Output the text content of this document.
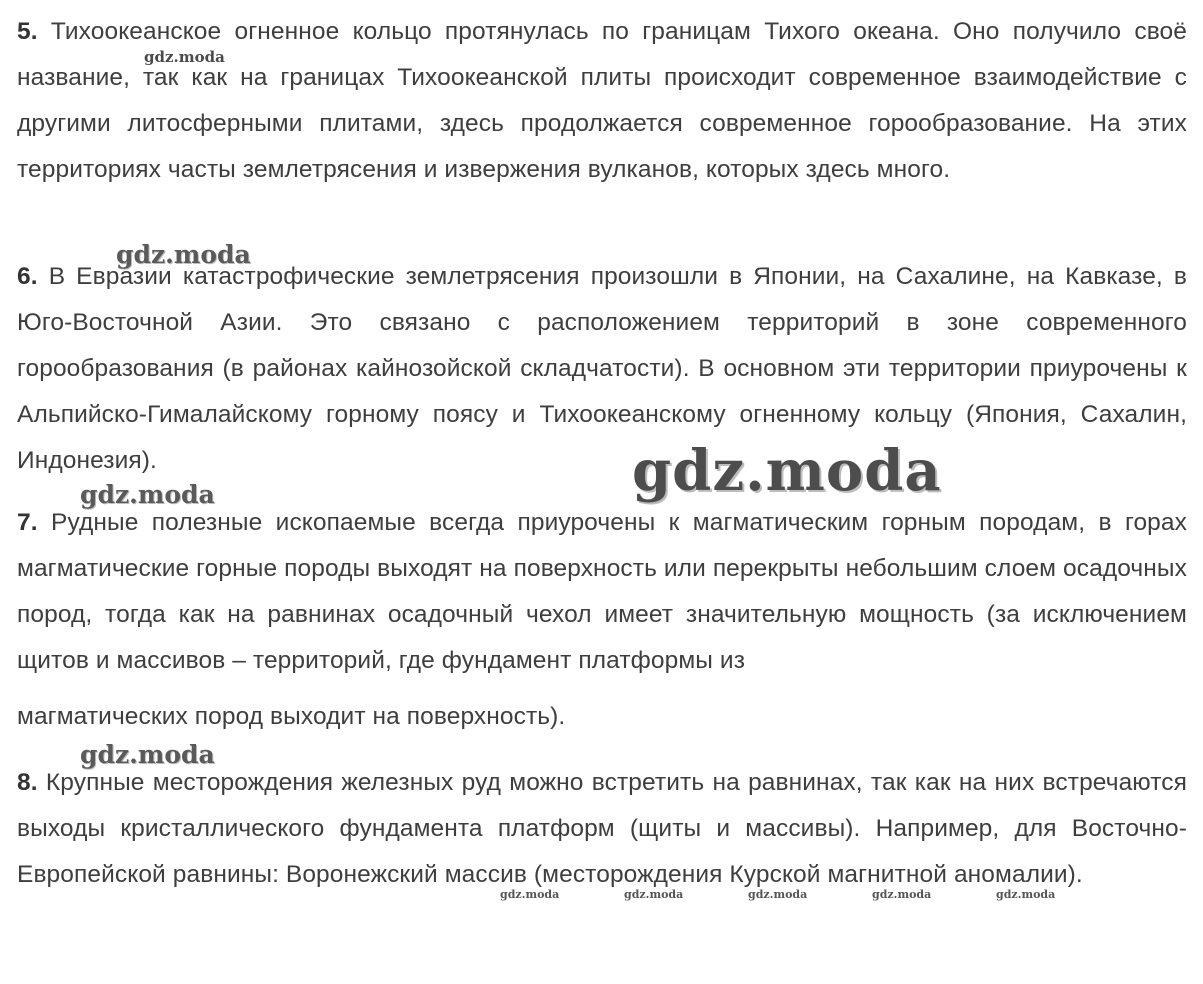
5. Тихоокеанское огненное кольцо протянулась по границам Тихого океана. Оно получило своё название, так как на границах Тихоокеанской плиты происходит современное взаимодействие с другими литосферными плитами, здесь продолжается современное горообразование. На этих территориях часты землетрясения и извержения вулканов, которых здесь много.

6. В Евразии катастрофические землетрясения произошли в Японии, на Сахалине, на Кавказе, в Юго-Восточной Азии. Это связано с расположением территорий в зоне современного горообразования (в районах кайнозойской складчатости). В основном эти территории приурочены к Альпийско-Гималайскому горному поясу и Тихоокеанскому огненному кольцу (Япония, Сахалин, Индонезия).

7. Рудные полезные ископаемые всегда приурочены к магматическим горным породам, в горах магматические горные породы выходят на поверхность или перекрыты небольшим слоем осадочных пород, тогда как на равнинах осадочный чехол имеет значительную мощность (за исключением щитов и массивов – территорий, где фундамент платформы из
магматических пород выходит на поверхность).

8. Крупные месторождения железных руд можно встретить на равнинах, так как на них встречаются выходы кристаллического фундамента платформ (щиты и массивы). Например, для Восточно-Европейской равнины: Воронежский массив (месторождения Курской магнитной аномалии).

gdz.moda
gdz.moda
gdz.moda
gdz.moda
gdz.moda
gdz.moda	gdz.moda	gdz.moda	gdz.moda	gdz.moda
